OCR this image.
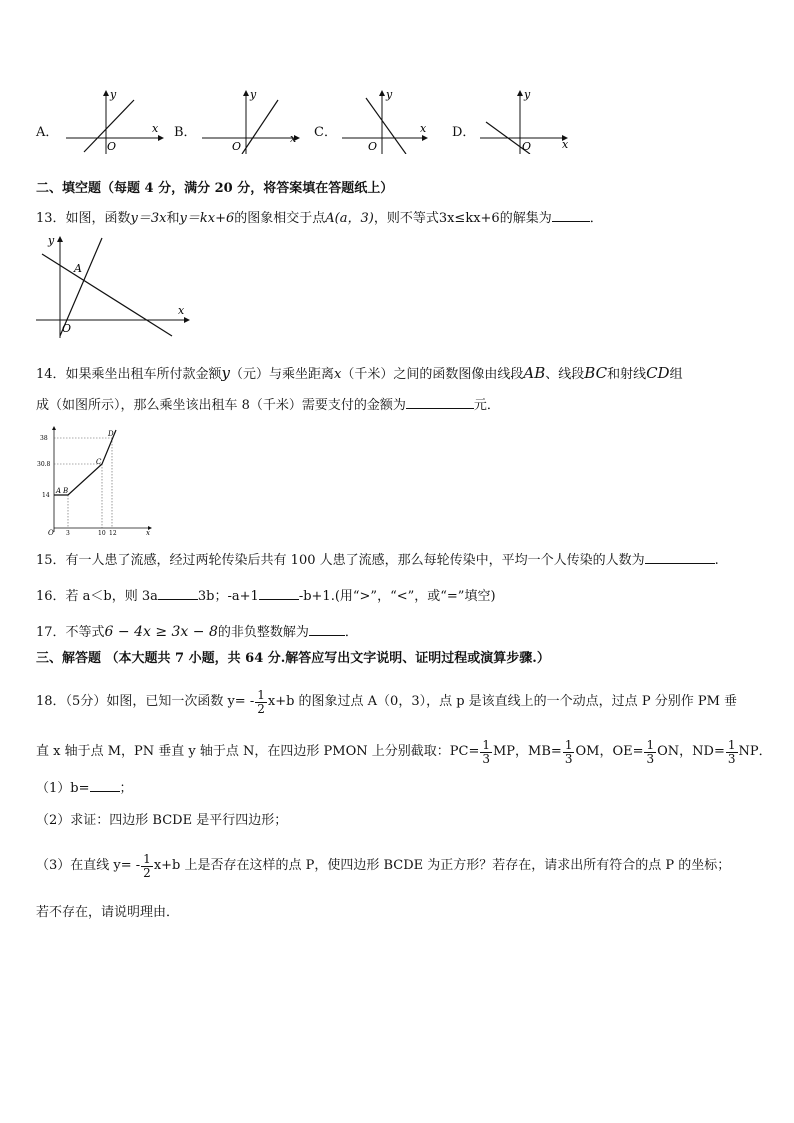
A．
y
x
O
B．
y
x
O
C．
y
x
O
D．
y
x
O
二、填空题（每题 4 分，满分 20 分，将答案填在答题纸上）
13．如图，函数y＝3x和y＝kx+6的图象相交于点A(a，3)，则不等式3x≤kx+6的解集为	．
y
x
O
A
14．如果乘坐出租车所付款金额y（元）与乘坐距离x（千米）之间的函数图像由线段AB、线段BC和射线CD组
成（如图所示），那么乘坐该出租车 8（千米）需要支付的金额为	元．
38
30.8
14
3	10 12
O	x
A B
C
D
15．有一人患了流感，经过两轮传染后共有 100 人患了流感，那么每轮传染中，平均一个人传染的人数为	.
16．若 a＜b，则 3a	3b；-a+1	-b+1.(用“>”，“<”，或“=”填空)
17．不等式6 − 4x ≥ 3x − 8的非负整数解为	．
三、解答题 （本大题共 7 小题，共 64 分.解答应写出文字说明、证明过程或演算步骤.）
18．（5分）如图，已知一次函数 $y= - \frac{1}{2} x+b$ 的图象过点 A（0，3），点 p 是该直线上的一个动点，过点 P 分别作 PM 垂
直 x 轴于点 M，PN 垂直 y 轴于点 N，在四边形 PMON 上分别截取：$PC= \frac{1}{3}$ MP，$MB= \frac{1}{3}$ OM，$OE= \frac{1}{3}$ ON，$ND= \frac{1}{3}$ NP．
（1）b= ；
（2）求证：四边形 BCDE 是平行四边形；
（3）在直线 $y= - \frac{1}{2} x+b$ 上是否存在这样的点 P，使四边形 BCDE 为正方形？若存在，请求出所有符合的点 P 的坐标；
若不存在，请说明理由．
